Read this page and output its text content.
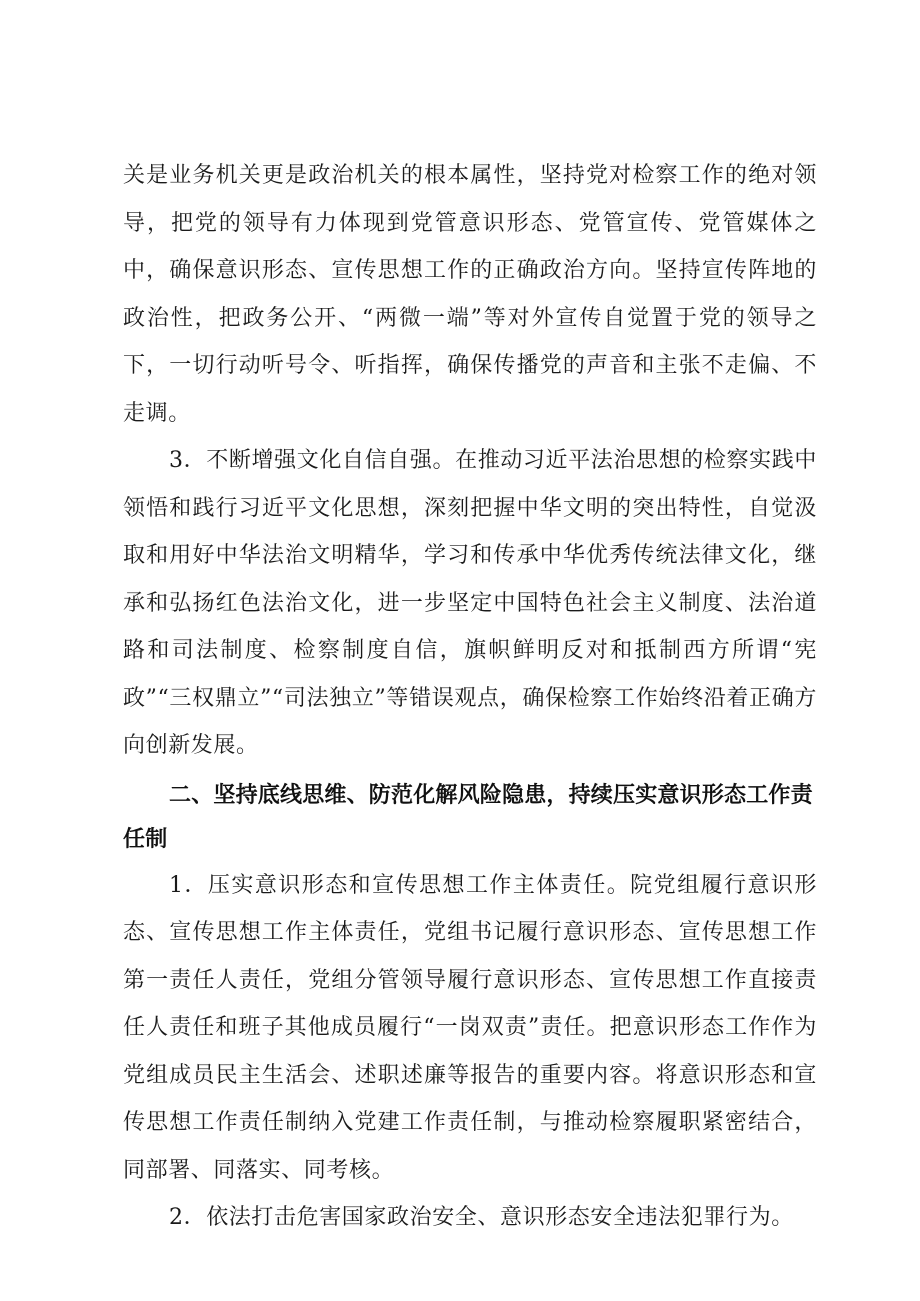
关是业务机关更是政治机关的根本属性，坚持党对检察工作的绝对领导，把党的领导有力体现到党管意识形态、党管宣传、党管媒体之中，确保意识形态、宣传思想工作的正确政治方向。坚持宣传阵地的政治性，把政务公开、“两微一端”等对外宣传自觉置于党的领导之下，一切行动听号令、听指挥，确保传播党的声音和主张不走偏、不走调。

3．不断增强文化自信自强。在推动习近平法治思想的检察实践中领悟和践行习近平文化思想，深刻把握中华文明的突出特性，自觉汲取和用好中华法治文明精华，学习和传承中华优秀传统法律文化，继承和弘扬红色法治文化，进一步坚定中国特色社会主义制度、法治道路和司法制度、检察制度自信，旗帜鲜明反对和抵制西方所谓“宪政”“三权鼎立”“司法独立”等错误观点，确保检察工作始终沿着正确方向创新发展。

二、坚持底线思维、防范化解风险隐患，持续压实意识形态工作责任制

1．压实意识形态和宣传思想工作主体责任。院党组履行意识形态、宣传思想工作主体责任，党组书记履行意识形态、宣传思想工作第一责任人责任，党组分管领导履行意识形态、宣传思想工作直接责任人责任和班子其他成员履行“一岗双责”责任。把意识形态工作作为党组成员民主生活会、述职述廉等报告的重要内容。将意识形态和宣传思想工作责任制纳入党建工作责任制，与推动检察履职紧密结合，同部署、同落实、同考核。

2．依法打击危害国家政治安全、意识形态安全违法犯罪行为。
